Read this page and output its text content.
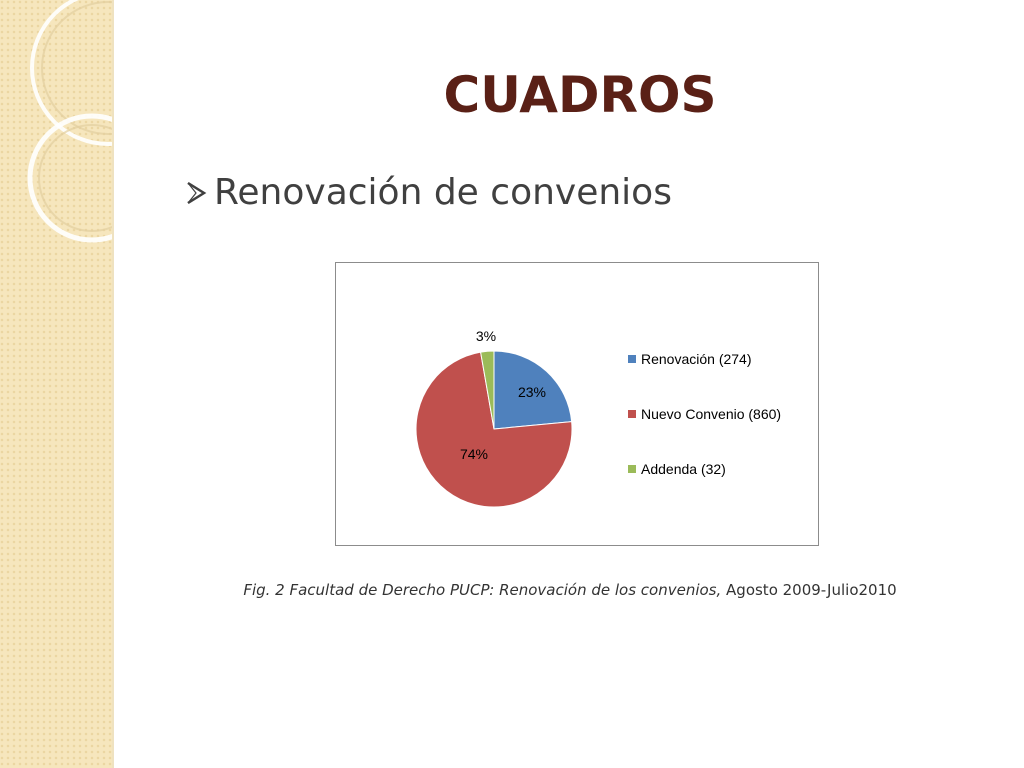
CUADROS
Renovación de convenios
23%
74%
3%
Renovación (274)
Nuevo Convenio (860)
Addenda (32)
Fig. 2 Facultad de Derecho PUCP: Renovación de los convenios, Agosto 2009-Julio2010
